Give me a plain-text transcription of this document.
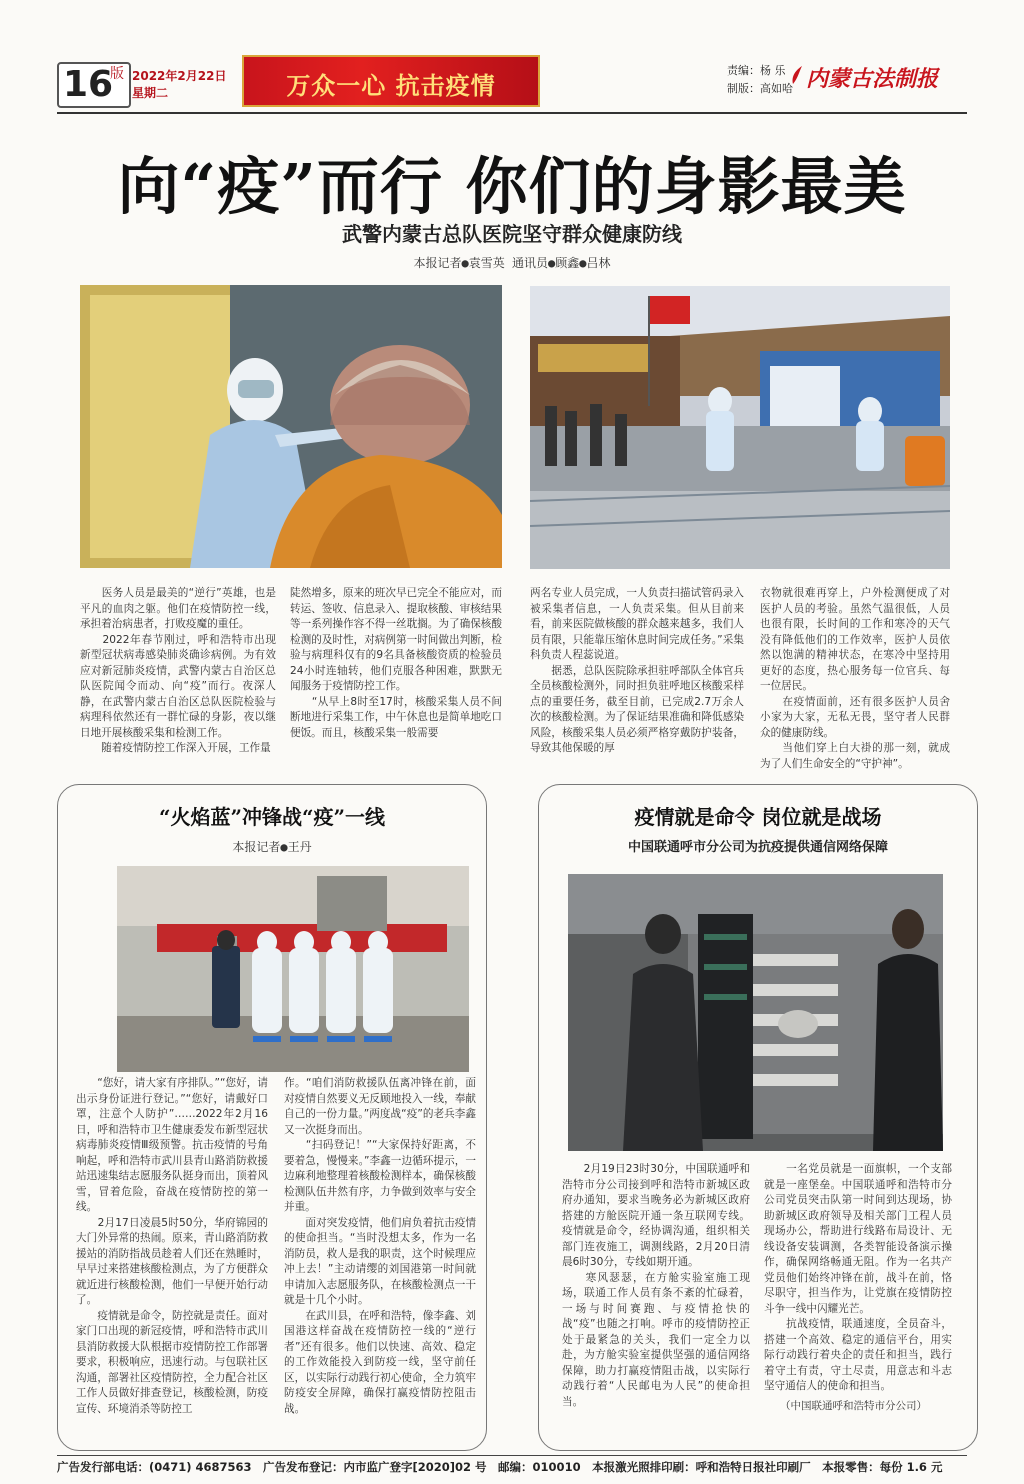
16
版 2022年2月22日
星期二	万众一心 抗击疫情
责编：杨 乐
制版：高如哈 内蒙古法制报
向“疫”而行 你们的身影最美
武警内蒙古总队医院坚守群众健康防线
本报记者●袁雪英 通讯员●顾鑫●吕林
　　医务人员是最美的“逆行”英雄，也是平凡的血肉之躯。他们在疫情防控一线，承担着治病患者，打败疫魔的重任。
　　2022年春节刚过，呼和浩特市出现新型冠状病毒感染肺炎确诊病例。为有效应对新冠肺炎疫情，武警内蒙古自治区总队医院闻令而动、向“疫”而行。夜深人静，在武警内蒙古自治区总队医院检验与病理科依然还有一群忙碌的身影，夜以继日地开展核酸采集和检测工作。
　　随着疫情防控工作深入开展，工作量
陡然增多，原来的班次早已完全不能应对，而转运、签收、信息录入、提取核酸、审核结果等一系列操作容不得一丝耽搁。为了确保核酸检测的及时性，对病例第一时间做出判断，检验与病理科仅有的9名具备核酸资质的检验员24小时连轴转，他们克服各种困难，默默无闻服务于疫情防控工作。
　　“从早上8时至17时，核酸采集人员不间断地进行采集工作，中午休息也是简单地吃口便饭。而且，核酸采集一般需要
两名专业人员完成，一人负责扫描试管码录入被采集者信息，一人负责采集。但从目前来看，前来医院做核酸的群众越来越多，我们人员有限，只能靠压缩休息时间完成任务。”采集科负责人程蕊说道。
　　据悉，总队医院除承担驻呼部队全体官兵全员核酸检测外，同时担负驻呼地区核酸采样点的重要任务，截至目前，已完成2.7万余人次的核酸检测。为了保证结果准确和降低感染风险，核酸采集人员必须严格穿戴防护装备，导致其他保暖的厚
衣物就很难再穿上，户外检测便成了对医护人员的考验。虽然气温很低，人员也很有限，长时间的工作和寒冷的天气没有降低他们的工作效率，医护人员依然以饱满的精神状态，在寒冷中坚持用更好的态度，热心服务每一位官兵、每一位居民。
　　在疫情面前，还有很多医护人员舍小家为大家，无私无畏，坚守者人民群众的健康防线。
　　当他们穿上白大褂的那一刻，就成为了人们生命安全的“守护神”。
“火焰蓝”冲锋战“疫”一线
本报记者●王丹
　　“您好，请大家有序排队。”“您好，请出示身份证进行登记。”“您好，请戴好口罩，注意个人防护”……2022年2月16日，呼和浩特市卫生健康委发布新型冠状病毒肺炎疫情Ⅲ级预警。抗击疫情的号角响起，呼和浩特市武川县青山路消防救援站迅速集结志愿服务队挺身而出，顶着风雪，冒着危险，奋战在疫情防控的第一线。
　　2月17日凌晨5时50分，华府锦园的大门外异常的热闹。原来，青山路消防救援站的消防指战员趁着人们还在熟睡时，早早过来搭建核酸检测点，为了方便群众就近进行核酸检测，他们一早便开始行动了。
　　疫情就是命令，防控就是责任。面对家门口出现的新冠疫情，呼和浩特市武川县消防救援大队根据市疫情防控工作部署要求，积极响应，迅速行动。与包联社区沟通，部署社区疫情防控，全力配合社区工作人员做好排查登记，核酸检测，防疫宣传、环境消杀等防控工
作。“咱们消防救援队伍离冲锋在前，面对疫情自然要义无反顾地投入一线，奉献自己的一份力量。”两度战“疫”的老兵李鑫又一次挺身而出。
　　“扫码登记！”“大家保持好距离，不要着急，慢慢来。”李鑫一边循环提示，一边麻利地整理着核酸检测样本，确保核酸检测队伍井然有序，力争做到效率与安全并重。
　　面对突发疫情，他们肩负着抗击疫情的使命担当。“当时没想太多，作为一名消防员，救人是我的职责，这个时候理应冲上去！”主动请缨的刘国港第一时间就申请加入志愿服务队，在核酸检测点一干就是十几个小时。
　　在武川县，在呼和浩特，像李鑫、刘国港这样奋战在疫情防控一线的“逆行者”还有很多。他们以快速、高效、稳定的工作效能投入到防疫一线，坚守前任区，以实际行动践行初心使命，全力筑牢防疫安全屏障，确保打赢疫情防控阻击战。
疫情就是命令 岗位就是战场
中国联通呼市分公司为抗疫提供通信网络保障
　　2月19日23时30分，中国联通呼和浩特市分公司接到呼和浩特市新城区政府办通知，要求当晚务必为新城区政府搭建的方舱医院开通一条互联网专线。疫情就是命令，经协调沟通，组织相关部门连夜施工，调测线路，2月20日清晨6时30分，专线如期开通。
　　寒风瑟瑟，在方舱实验室施工现场，联通工作人员有条不紊的忙碌着，一场与时间赛跑、与疫情抢快的战“疫”也随之打响。呼市的疫情防控正处于最紧急的关头，我们一定全力以赴，为方舱实验室提供坚强的通信网络保障，助力打赢疫情阻击战，以实际行动践行着“人民邮电为人民”的使命担当。
　　一名党员就是一面旗帜，一个支部就是一座堡垒。中国联通呼和浩特市分公司党员突击队第一时间到达现场，协助新城区政府领导及相关部门工程人员现场办公，帮助进行线路布局设计、无线设备安装调测，各类智能设备演示操作，确保网络畅通无阻。作为一名共产党员他们始终冲锋在前，战斗在前，恪尽职守，担当作为，让党旗在疫情防控斗争一线中闪耀光芒。
　　抗战疫情，联通速度，全员奋斗，搭建一个高效、稳定的通信平台，用实际行动践行着央企的责任和担当，践行着守土有责，守土尽责，用意志和斗志坚守通信人的使命和担当。
（中国联通呼和浩特市分公司）
广告发行部电话：(0471) 4687563　广告发布登记：内市监广登字[2020]02 号　邮编：010010　本报激光照排印刷：呼和浩特日报社印刷厂　本报零售：每份 1.6 元
